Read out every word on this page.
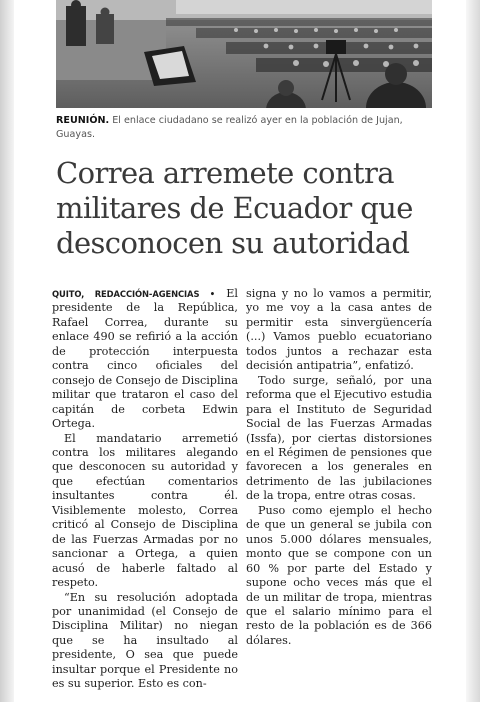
REUNIÓN. El enlace ciudadano se realizó ayer en la población de Jujan, Guayas.
Correa arremete contra militares de Ecuador que desconocen su autoridad

QUITO, REDACCIÓN-AGENCIAS • El presidente de la República, Rafael Correa, durante su enlace 490 se refirió a la acción de protección interpuesta contra cinco oficiales del consejo de Consejo de Disciplina militar que trataron el caso del capitán de corbeta Edwin Ortega.

El mandatario arremetió contra los militares alegando que desconocen su autoridad y que efectúan comentarios insultantes contra él. Visiblemente molesto, Correa criticó al Consejo de Disciplina de las Fuerzas Armadas por no sancionar a Ortega, a quien acusó de haberle faltado al respeto.

“En su resolución adoptada por unanimidad (el Consejo de Disciplina Militar) no niegan que se ha insultado al presidente, O sea que puede insultar porque el Presidente no es su superior. Esto es con-

signa y no lo vamos a permitir, yo me voy a la casa antes de permitir esta sinvergüencería (...) Vamos pueblo ecuatoriano todos juntos a rechazar esta decisión antipatria”, enfatizó.

Todo surge, señaló, por una reforma que el Ejecutivo estudia para el Instituto de Seguridad Social de las Fuerzas Armadas (Issfa), por ciertas distorsiones en el Régimen de pensiones que favorecen a los generales en detrimento de las jubilaciones de la tropa, entre otras cosas.

Puso como ejemplo el hecho de que un general se jubila con unos 5.000 dólares mensuales, monto que se compone con un 60 % por parte del Estado y supone ocho veces más que el de un militar de tropa, mientras que el salario mínimo para el resto de la población es de 366 dólares.
